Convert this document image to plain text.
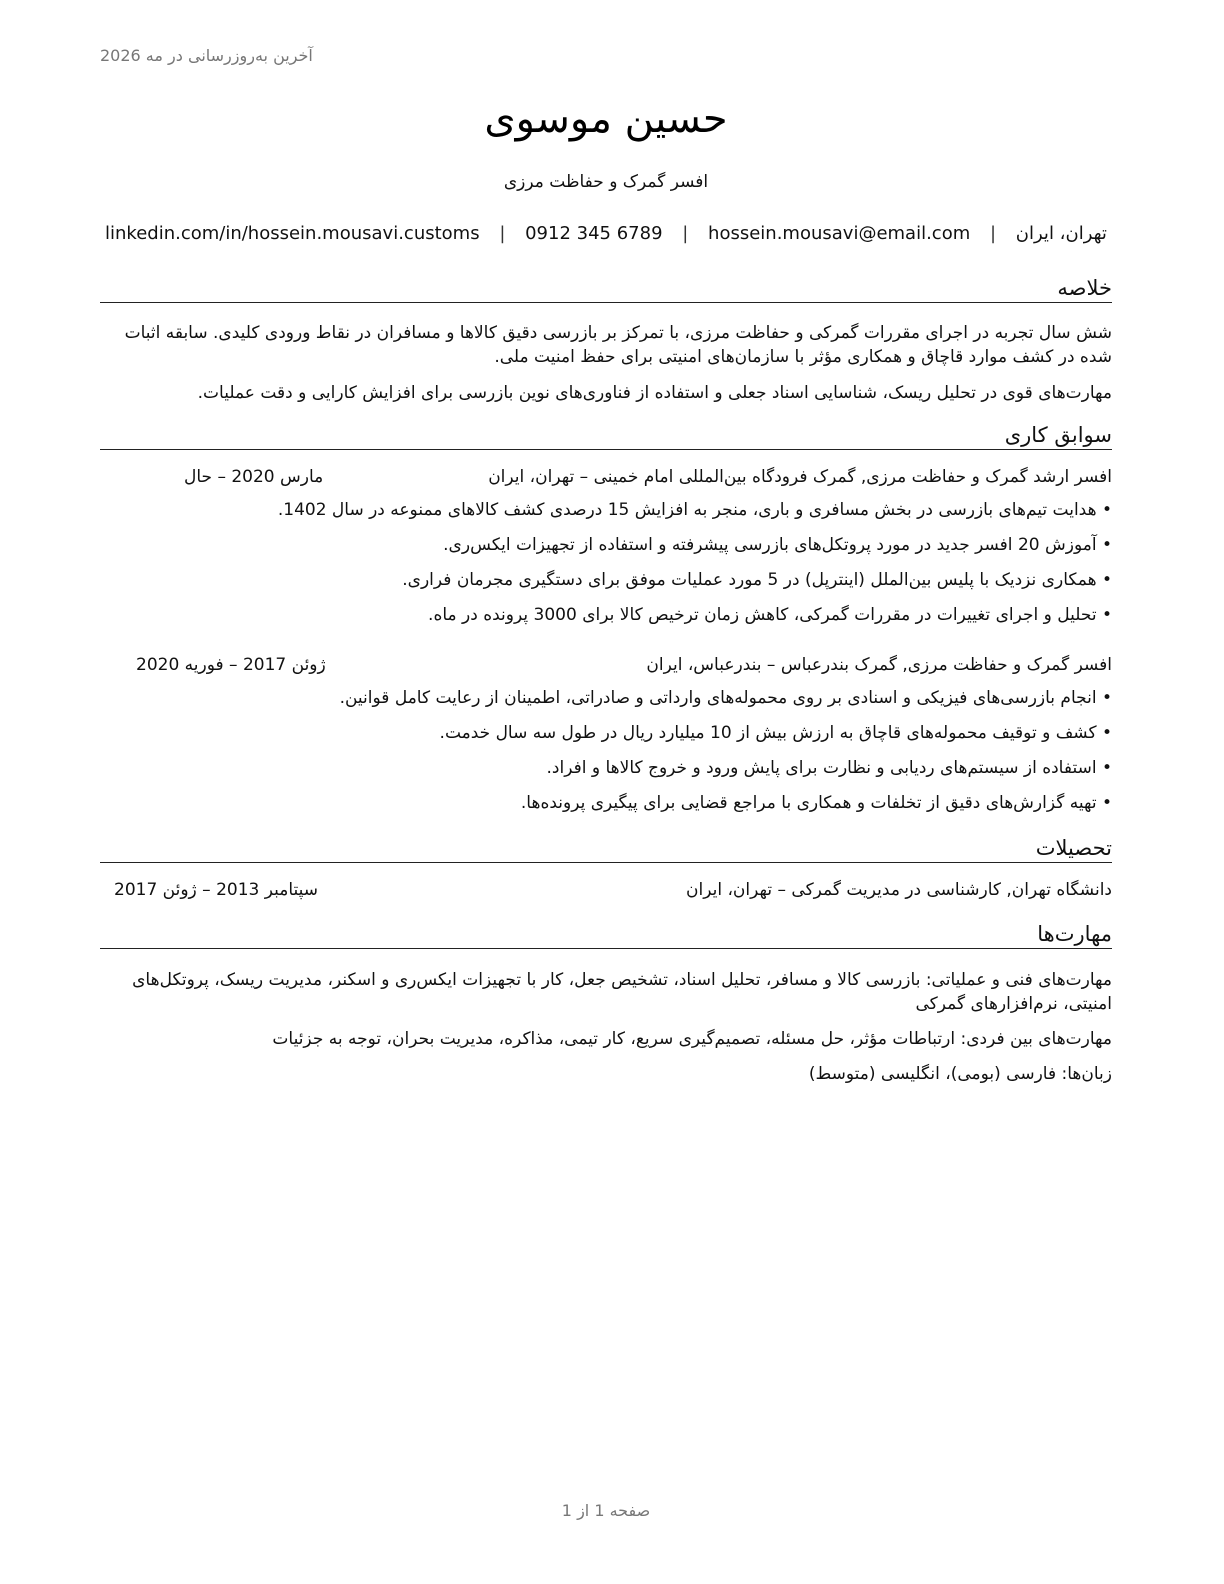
آخرین به‌روزرسانی در مه 2026
حسین موسوی
افسر گمرک و حفاظت مرزی
تهران، ایران
|
hossein.mousavi@email.com
|
0912 345 6789
|
linkedin.com/in/hossein.mousavi.customs
خلاصه
شش سال تجربه در اجرای مقررات گمرکی و حفاظت مرزی، با تمرکز بر بازرسی دقیق کالاها و مسافران در نقاط ورودی کلیدی. سابقه اثبات شده در کشف موارد قاچاق و همکاری مؤثر با سازمان‌های امنیتی برای حفظ امنیت ملی.
مهارت‌های قوی در تحلیل ریسک، شناسایی اسناد جعلی و استفاده از فناوری‌های نوین بازرسی برای افزایش کارایی و دقت عملیات.
سوابق کاری
افسر ارشد گمرک و حفاظت مرزی, گمرک فرودگاه بین‌المللی امام خمینی – تهران، ایران
مارس 2020 – حال
• هدایت تیم‌های بازرسی در بخش مسافری و باری، منجر به افزایش 15 درصدی کشف کالاهای ممنوعه در سال 1402.
• آموزش 20 افسر جدید در مورد پروتکل‌های بازرسی پیشرفته و استفاده از تجهیزات ایکس‌ری.
• همکاری نزدیک با پلیس بین‌الملل (اینترپل) در 5 مورد عملیات موفق برای دستگیری مجرمان فراری.
• تحلیل و اجرای تغییرات در مقررات گمرکی، کاهش زمان ترخیص کالا برای 3000 پرونده در ماه.
افسر گمرک و حفاظت مرزی, گمرک بندرعباس – بندرعباس، ایران
ژوئن 2017 – فوریه 2020
• انجام بازرسی‌های فیزیکی و اسنادی بر روی محموله‌های وارداتی و صادراتی، اطمینان از رعایت کامل قوانین.
• کشف و توقیف محموله‌های قاچاق به ارزش بیش از 10 میلیارد ریال در طول سه سال خدمت.
• استفاده از سیستم‌های ردیابی و نظارت برای پایش ورود و خروج کالاها و افراد.
• تهیه گزارش‌های دقیق از تخلفات و همکاری با مراجع قضایی برای پیگیری پرونده‌ها.
تحصیلات
دانشگاه تهران, کارشناسی در مدیریت گمرکی – تهران، ایران
سپتامبر 2013 – ژوئن 2017
مهارت‌ها
مهارت‌های فنی و عملیاتی: بازرسی کالا و مسافر، تحلیل اسناد، تشخیص جعل، کار با تجهیزات ایکس‌ری و اسکنر، مدیریت ریسک، پروتکل‌های امنیتی، نرم‌افزارهای گمرکی
مهارت‌های بین فردی: ارتباطات مؤثر، حل مسئله، تصمیم‌گیری سریع، کار تیمی، مذاکره، مدیریت بحران، توجه به جزئیات
زبان‌ها: فارسی (بومی)، انگلیسی (متوسط)
صفحه 1 از 1
